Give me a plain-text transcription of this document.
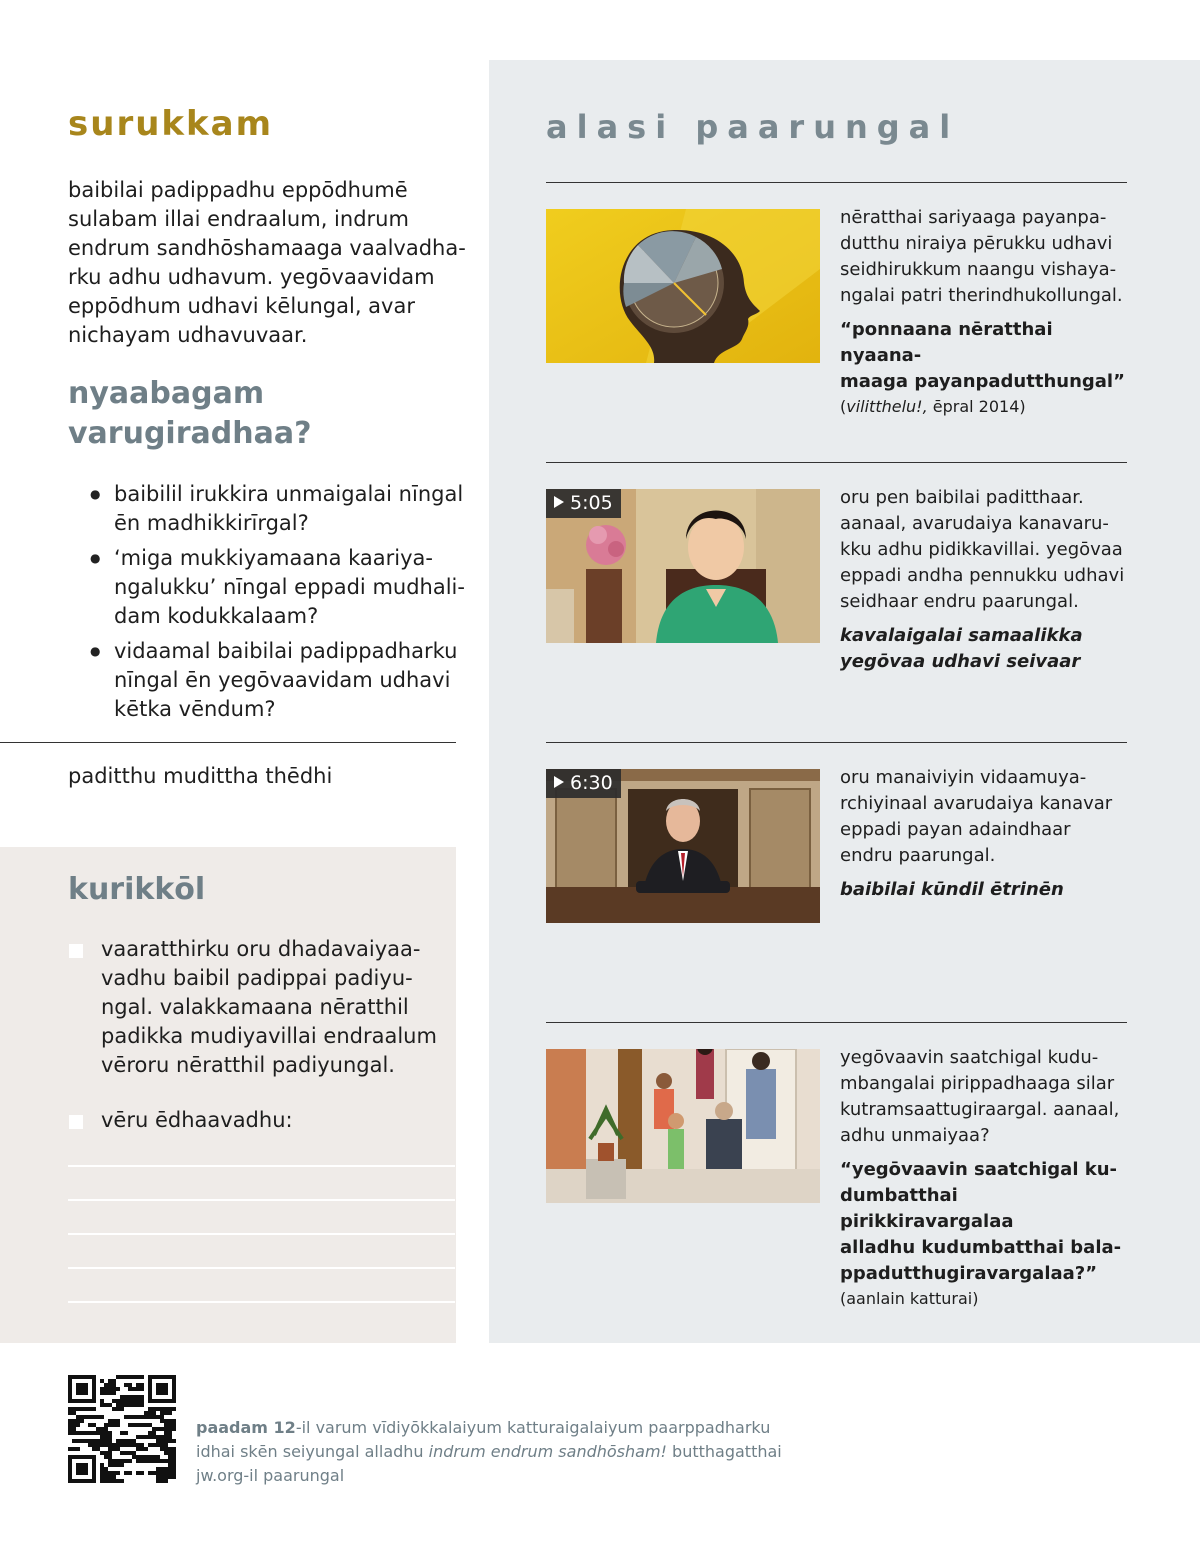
surukkam
baibilai padippadhu eppōdhumē
sulabam illai endraalum, indrum
endrum sandhōshamaaga vaalvadha-
rku adhu udhavum. yegōvaavidam
eppōdhum udhavi kēlungal, avar
nichayam udhavuvaar.
nyaabagam
varugiradhaa?
● baibilil irukkira unmaigalai nīngal
ēn madhikkirīrgal?
● ‘miga mukkiyamaana kaariya-
ngalukku’ nīngal eppadi mudhali-
dam kodukkalaam?
● vidaamal baibilai padippadharku
nīngal ēn yegōvaavidam udhavi
kētka vēndum?
paditthu mudittha thēdhi
kurikkōl
vaaratthirku oru dhadavaiyaa-
vadhu baibil padippai padiyu-
ngal. valakkamaana nēratthil
padikka mudiyavillai endraalum
vēroru nēratthil padiyungal.
vēru ēdhaavadhu:
alasi paarungal
nēratthai sariyaaga payanpa-
dutthu niraiya pērukku udhavi
seidhirukkum naangu vishaya-
ngalai patri therindhukollungal.
“ponnaana nēratthai nyaana-
maaga payanpadutthungal”
(vilitthelu!, ēpral 2014)
5:05	oru pen baibilai paditthaar.
aanaal, avarudaiya kanavaru-
kku adhu pidikkavillai. yegōvaa
eppadi andha pennukku udhavi
seidhaar endru paarungal.
kavalaigalai samaalikka
yegōvaa udhavi seivaar
6:30	oru manaiviyin vidaamuya-
rchiyinaal avarudaiya kanavar
eppadi payan adaindhaar
endru paarungal.
baibilai kūndil ētrinēn
yegōvaavin saatchigal kudu-
mbangalai pirippadhaaga silar
kutramsaattugiraargal. aanaal,
adhu unmaiyaa?
“yegōvaavin saatchigal ku-
dumbatthai pirikkiravargalaa
alladhu kudumbatthai bala-
ppadutthugiravargalaa?”
(aanlain katturai)
paadam 12-il varum vīdiyōkkalaiyum katturaigalaiyum paarppadharku
idhai skēn seiyungal alladhu indrum endrum sandhōsham! butthagatthai
jw.org-il paarungal
